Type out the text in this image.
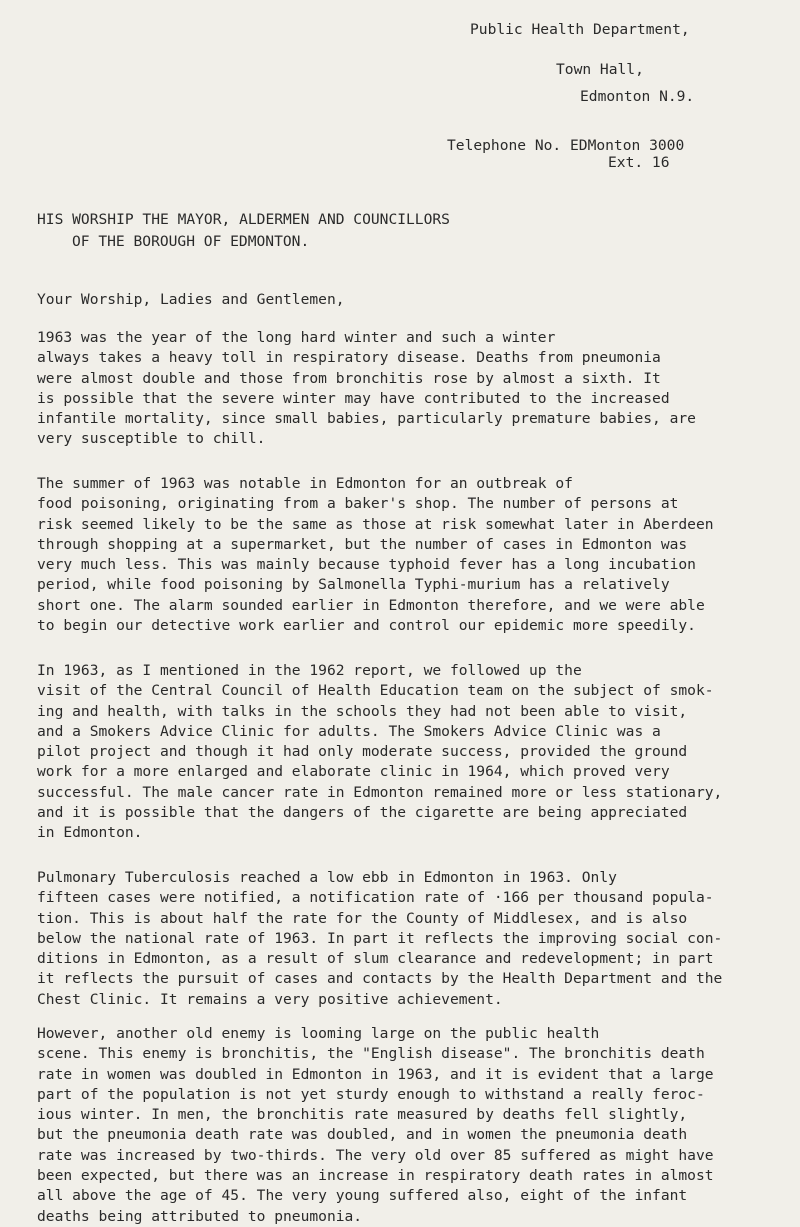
Public Health Department,
Town Hall,
Edmonton N.9.
Telephone No. EDMonton 3000
Ext. 16
HIS WORSHIP THE MAYOR, ALDERMEN AND COUNCILLORS
OF THE BOROUGH OF EDMONTON.
Your Worship, Ladies and Gentlemen,
1963 was the year of the long hard winter and such a winter
always takes a heavy toll in respiratory disease. Deaths from pneumonia
were almost double and those from bronchitis rose by almost a sixth. It
is possible that the severe winter may have contributed to the increased
infantile mortality, since small babies, particularly premature babies, are
very susceptible to chill.
The summer of 1963 was notable in Edmonton for an outbreak of
food poisoning, originating from a baker's shop. The number of persons at
risk seemed likely to be the same as those at risk somewhat later in Aberdeen
through shopping at a supermarket, but the number of cases in Edmonton was
very much less. This was mainly because typhoid fever has a long incubation
period, while food poisoning by Salmonella Typhi-murium has a relatively
short one. The alarm sounded earlier in Edmonton therefore, and we were able
to begin our detective work earlier and control our epidemic more speedily.
In 1963, as I mentioned in the 1962 report, we followed up the
visit of the Central Council of Health Education team on the subject of smok-
ing and health, with talks in the schools they had not been able to visit,
and a Smokers Advice Clinic for adults. The Smokers Advice Clinic was a
pilot project and though it had only moderate success, provided the ground
work for a more enlarged and elaborate clinic in 1964, which proved very
successful. The male cancer rate in Edmonton remained more or less stationary,
and it is possible that the dangers of the cigarette are being appreciated
in Edmonton.
Pulmonary Tuberculosis reached a low ebb in Edmonton in 1963. Only
fifteen cases were notified, a notification rate of ·166 per thousand popula-
tion. This is about half the rate for the County of Middlesex, and is also
below the national rate of 1963. In part it reflects the improving social con-
ditions in Edmonton, as a result of slum clearance and redevelopment; in part
it reflects the pursuit of cases and contacts by the Health Department and the
Chest Clinic. It remains a very positive achievement.
However, another old enemy is looming large on the public health
scene. This enemy is bronchitis, the "English disease". The bronchitis death
rate in women was doubled in Edmonton in 1963, and it is evident that a large
part of the population is not yet sturdy enough to withstand a really feroc-
ious winter. In men, the bronchitis rate measured by deaths fell slightly,
but the pneumonia death rate was doubled, and in women the pneumonia death
rate was increased by two-thirds. The very old over 85 suffered as might have
been expected, but there was an increase in respiratory death rates in almost
all above the age of 45. The very young suffered also, eight of the infant
deaths being attributed to pneumonia.
